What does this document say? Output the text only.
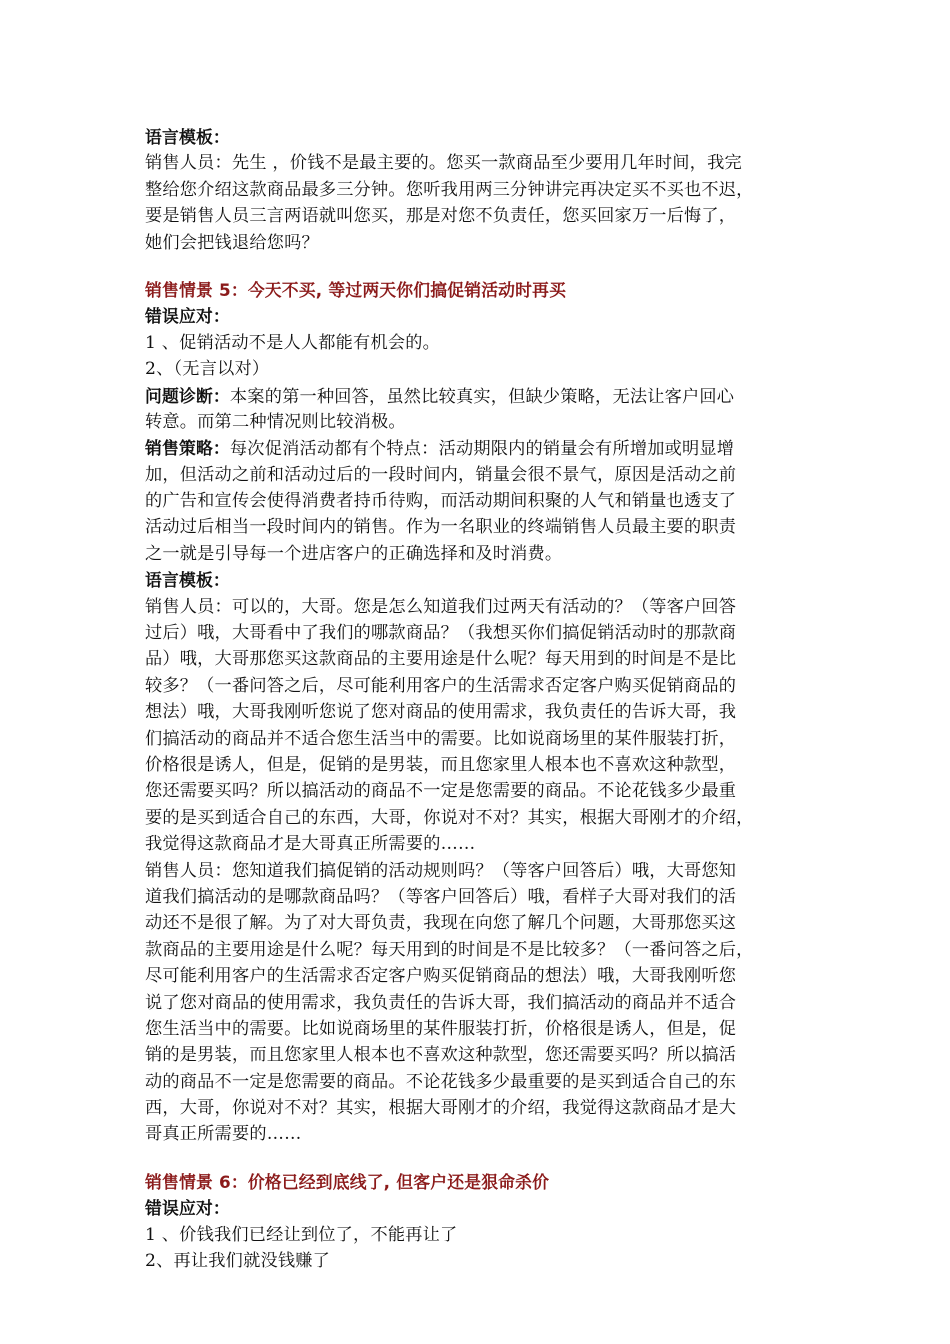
语言模板：
销售人员：先生 ，价钱不是最主要的。您买一款商品至少要用几年时间，我完
整给您介绍这款商品最多三分钟。您听我用两三分钟讲完再决定买不买也不迟，
要是销售人员三言两语就叫您买，那是对您不负责任，您买回家万一后悔了，
她们会把钱退给您吗？
销售情景 5：今天不买, 等过两天你们搞促销活动时再买
错误应对：
1 、促销活动不是人人都能有机会的。
2、（无言以对）
问题诊断：本案的第一种回答，虽然比较真实，但缺少策略，无法让客户回心
转意。而第二种情况则比较消极。
销售策略：每次促消活动都有个特点：活动期限内的销量会有所增加或明显增
加，但活动之前和活动过后的一段时间内，销量会很不景气，原因是活动之前
的广告和宣传会使得消费者持币待购，而活动期间积聚的人气和销量也透支了
活动过后相当一段时间内的销售。作为一名职业的终端销售人员最主要的职责
之一就是引导每一个进店客户的正确选择和及时消费。
语言模板：
销售人员：可以的，大哥。您是怎么知道我们过两天有活动的？（等客户回答
过后）哦，大哥看中了我们的哪款商品？（我想买你们搞促销活动时的那款商
品）哦，大哥那您买这款商品的主要用途是什么呢？每天用到的时间是不是比
较多？（一番问答之后，尽可能利用客户的生活需求否定客户购买促销商品的
想法）哦，大哥我刚听您说了您对商品的使用需求，我负责任的告诉大哥，我
们搞活动的商品并不适合您生活当中的需要。比如说商场里的某件服装打折，
价格很是诱人，但是，促销的是男装，而且您家里人根本也不喜欢这种款型，
您还需要买吗？所以搞活动的商品不一定是您需要的商品。不论花钱多少最重
要的是买到适合自己的东西，大哥，你说对不对？其实，根据大哥刚才的介绍，
我觉得这款商品才是大哥真正所需要的……
销售人员：您知道我们搞促销的活动规则吗？（等客户回答后）哦，大哥您知
道我们搞活动的是哪款商品吗？（等客户回答后）哦，看样子大哥对我们的活
动还不是很了解。为了对大哥负责，我现在向您了解几个问题，大哥那您买这
款商品的主要用途是什么呢？每天用到的时间是不是比较多？（一番问答之后，
尽可能利用客户的生活需求否定客户购买促销商品的想法）哦，大哥我刚听您
说了您对商品的使用需求，我负责任的告诉大哥，我们搞活动的商品并不适合
您生活当中的需要。比如说商场里的某件服装打折，价格很是诱人，但是，促
销的是男装，而且您家里人根本也不喜欢这种款型，您还需要买吗？所以搞活
动的商品不一定是您需要的商品。不论花钱多少最重要的是买到适合自己的东
西，大哥，你说对不对？其实，根据大哥刚才的介绍，我觉得这款商品才是大
哥真正所需要的……
销售情景 6：价格已经到底线了, 但客户还是狠命杀价
错误应对：
1 、价钱我们已经让到位了，不能再让了
2、再让我们就没钱赚了
